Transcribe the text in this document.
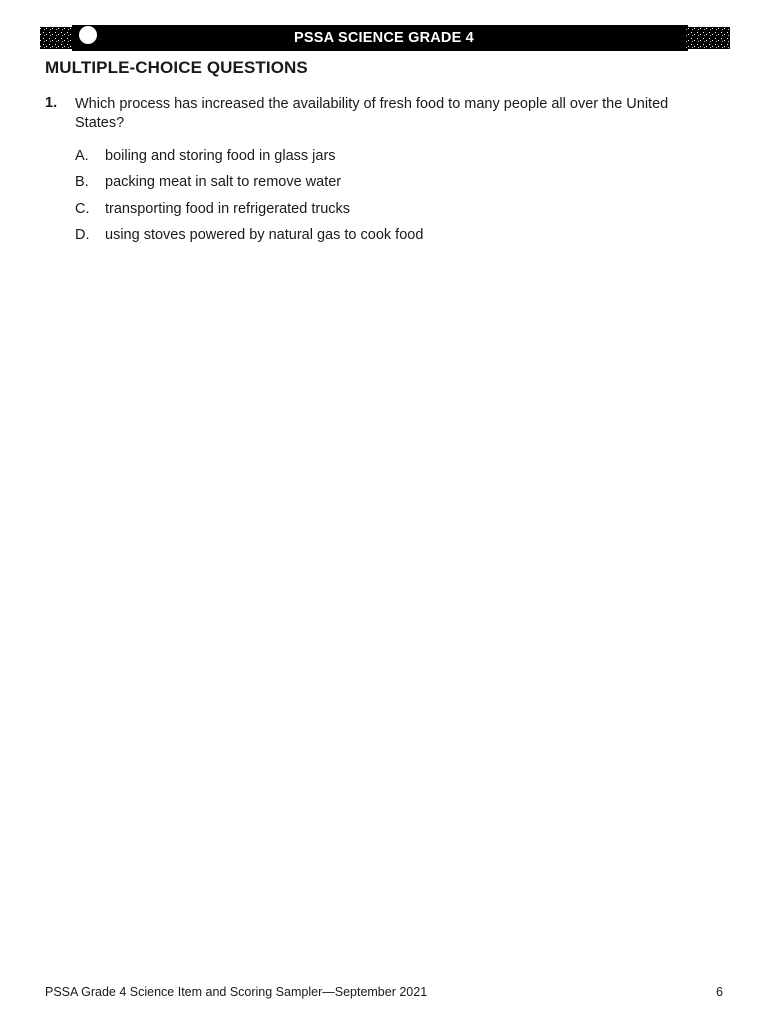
PSSA SCIENCE GRADE 4
MULTIPLE-CHOICE QUESTIONS
1. Which process has increased the availability of fresh food to many people all over the United States?
A.	boiling and storing food in glass jars
B.	packing meat in salt to remove water
C.	transporting food in refrigerated trucks
D.	using stoves powered by natural gas to cook food
PSSA Grade 4 Science Item and Scoring Sampler—September 2021	6
